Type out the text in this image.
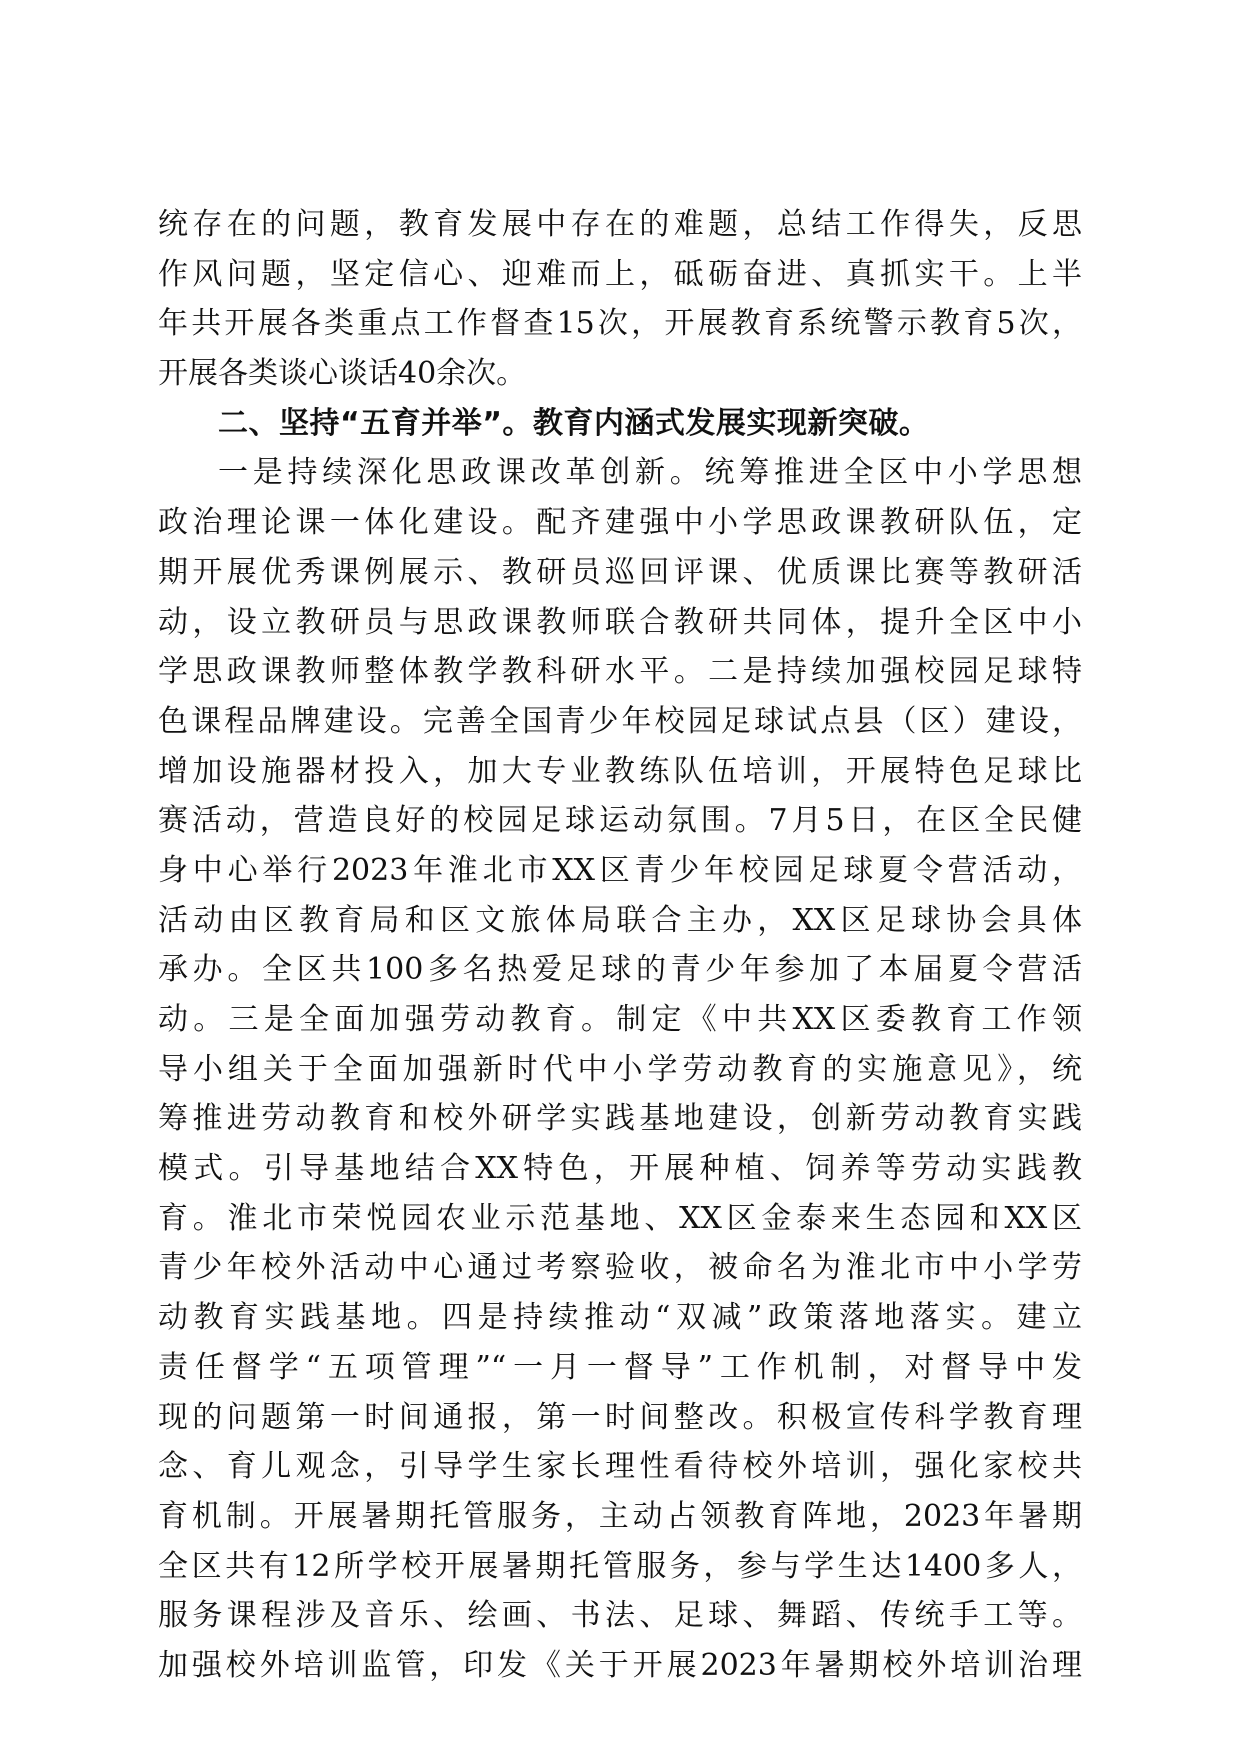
统存在的问题，教育发展中存在的难题，总结工作得失，反思
作风问题，坚定信心、迎难而上，砥砺奋进、真抓实干。上半
年共开展各类重点工作督查15次，开展教育系统警示教育5次，
开展各类谈心谈话40余次。
二、坚持“五育并举”。教育内涵式发展实现新突破。
一是持续深化思政课改革创新。统筹推进全区中小学思想
政治理论课一体化建设。配齐建强中小学思政课教研队伍，定
期开展优秀课例展示、教研员巡回评课、优质课比赛等教研活
动，设立教研员与思政课教师联合教研共同体，提升全区中小
学思政课教师整体教学教科研水平。二是持续加强校园足球特
色课程品牌建设。完善全国青少年校园足球试点县（区）建设，
增加设施器材投入，加大专业教练队伍培训，开展特色足球比
赛活动，营造良好的校园足球运动氛围。7月5日，在区全民健
身中心举行2023年淮北市XX区青少年校园足球夏令营活动，
活动由区教育局和区文旅体局联合主办，XX区足球协会具体
承办。全区共100多名热爱足球的青少年参加了本届夏令营活
动。三是全面加强劳动教育。制定《中共XX区委教育工作领
导小组关于全面加强新时代中小学劳动教育的实施意见》，统
筹推进劳动教育和校外研学实践基地建设，创新劳动教育实践
模式。引导基地结合XX特色，开展种植、饲养等劳动实践教
育。淮北市荣悦园农业示范基地、XX区金泰来生态园和XX区
青少年校外活动中心通过考察验收，被命名为淮北市中小学劳
动教育实践基地。四是持续推动“双减”政策落地落实。建立
责任督学“五项管理”“一月一督导”工作机制，对督导中发
现的问题第一时间通报，第一时间整改。积极宣传科学教育理
念、育儿观念，引导学生家长理性看待校外培训，强化家校共
育机制。开展暑期托管服务，主动占领教育阵地，2023年暑期
全区共有12所学校开展暑期托管服务，参与学生达1400多人，
服务课程涉及音乐、绘画、书法、足球、舞蹈、传统手工等。
加强校外培训监管，印发《关于开展2023年暑期校外培训治理
